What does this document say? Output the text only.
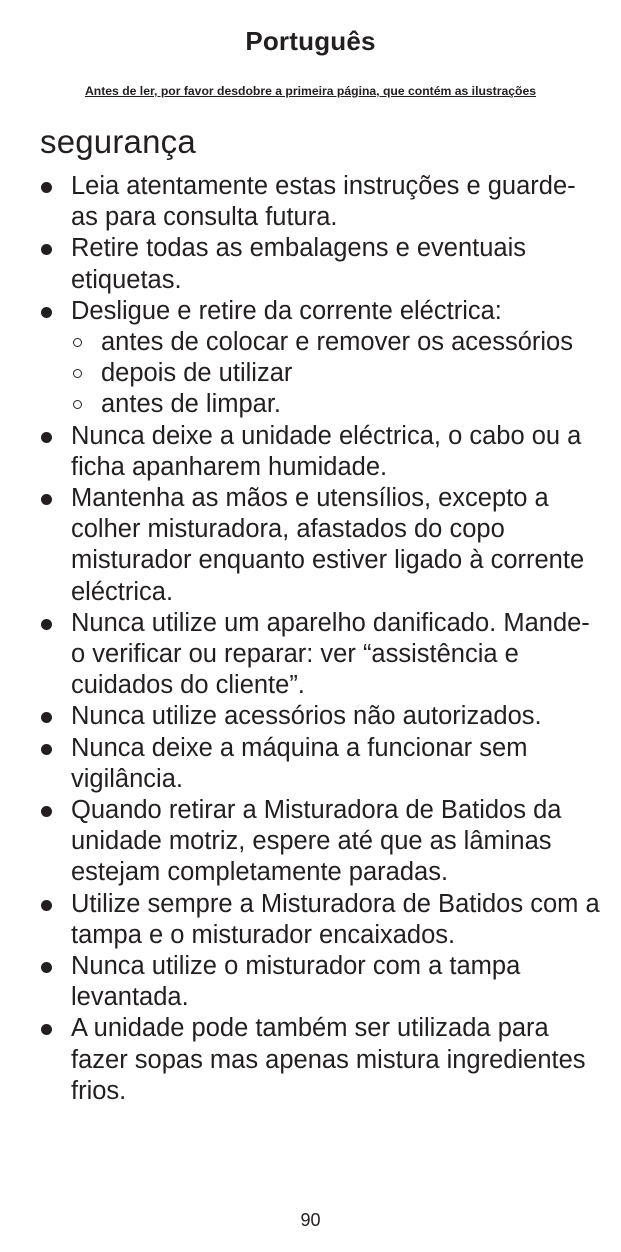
Português

Antes de ler, por favor desdobre a primeira página, que contém as ilustrações

segurança
Leia atentamente estas instruções e guarde-as para consulta futura.
Retire todas as embalagens e eventuais etiquetas.
Desligue e retire da corrente eléctrica:
antes de colocar e remover os acessórios
depois de utilizar
antes de limpar.
Nunca deixe a unidade eléctrica, o cabo ou a ficha apanharem humidade.
Mantenha as mãos e utensílios, excepto a colher misturadora, afastados do copo misturador enquanto estiver ligado à corrente eléctrica.
Nunca utilize um aparelho danificado. Mande-o verificar ou reparar: ver “assistência e cuidados do cliente”.
Nunca utilize acessórios não autorizados.
Nunca deixe a máquina a funcionar sem vigilância.
Quando retirar a Misturadora de Batidos da unidade motriz, espere até que as lâminas estejam completamente paradas.
Utilize sempre a Misturadora de Batidos com a tampa e o misturador encaixados.
Nunca utilize o misturador com a tampa levantada.
A unidade pode também ser utilizada para fazer sopas mas apenas mistura ingredientes frios.

90
